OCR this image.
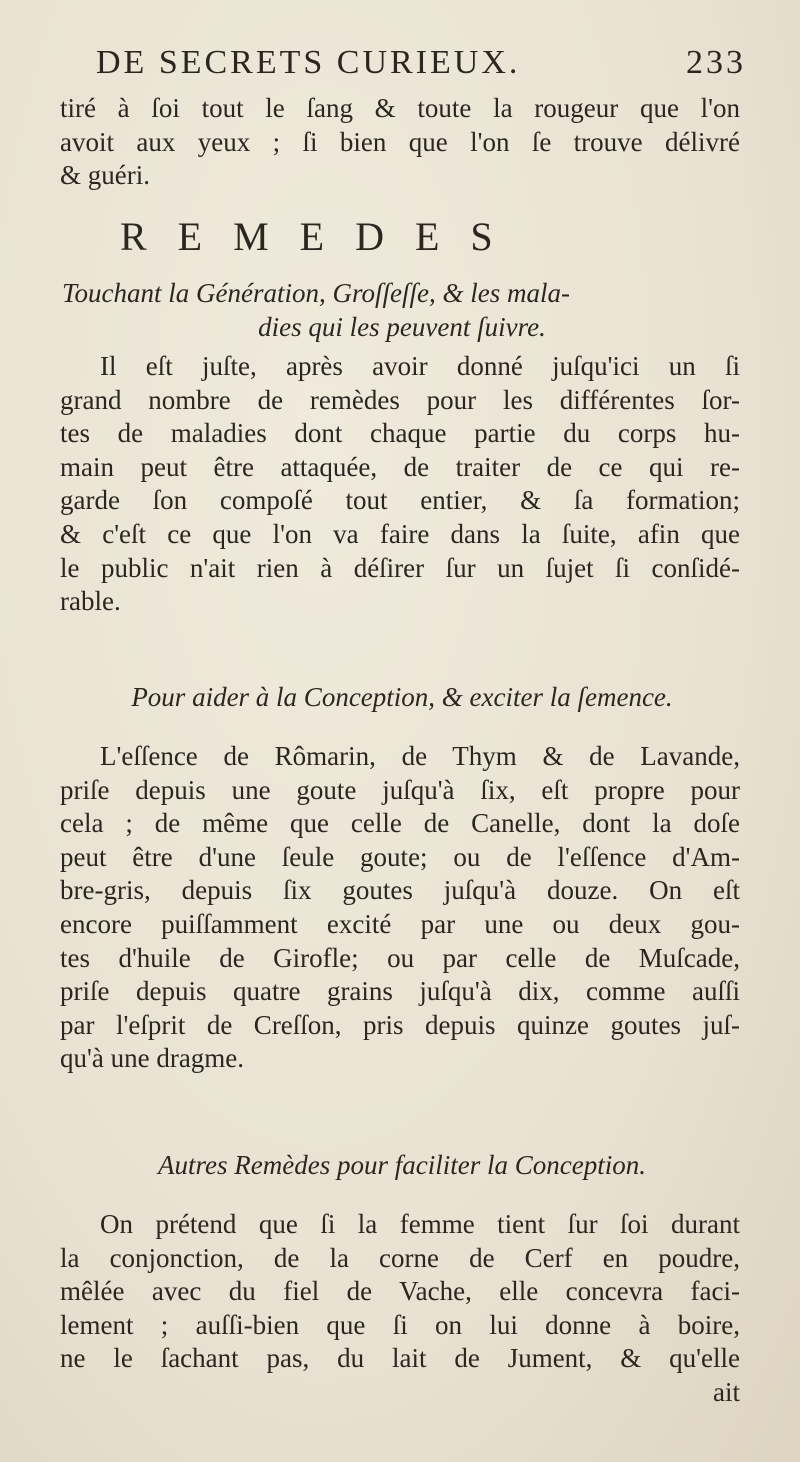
DE SECRETS CURIEUX.	233
tiré à ſoi tout le ſang & toute la rougeur que l'on
avoit aux yeux ; ſi bien que l'on ſe trouve délivré
& guéri.
REMEDES
Touchant la Génération, Groſſeſſe, & les mala-
dies qui les peuvent ſuivre.
Il eſt juſte, après avoir donné juſqu'ici un ſi
grand nombre de remèdes pour les différentes ſor-
tes de maladies dont chaque partie du corps hu-
main peut être attaquée, de traiter de ce qui re-
garde ſon compoſé tout entier, & ſa formation;
& c'eſt ce que l'on va faire dans la ſuite, afin que
le public n'ait rien à déſirer ſur un ſujet ſi conſidé-
rable.
Pour aider à la Conception, & exciter la ſemence.
L'eſſence de Rômarin, de Thym & de Lavande,
priſe depuis une goute juſqu'à ſix, eſt propre pour
cela ; de même que celle de Canelle, dont la doſe
peut être d'une ſeule goute; ou de l'eſſence d'Am-
bre-gris, depuis ſix goutes juſqu'à douze. On eſt
encore puiſſamment excité par une ou deux gou-
tes d'huile de Girofle; ou par celle de Muſcade,
priſe depuis quatre grains juſqu'à dix, comme auſſi
par l'eſprit de Creſſon, pris depuis quinze goutes juſ-
qu'à une dragme.
Autres Remèdes pour faciliter la Conception.
On prétend que ſi la femme tient ſur ſoi durant
la conjonction, de la corne de Cerf en poudre,
mêlée avec du fiel de Vache, elle concevra faci-
lement ; auſſi-bien que ſi on lui donne à boire,
ne le ſachant pas, du lait de Jument, & qu'elle
ait
